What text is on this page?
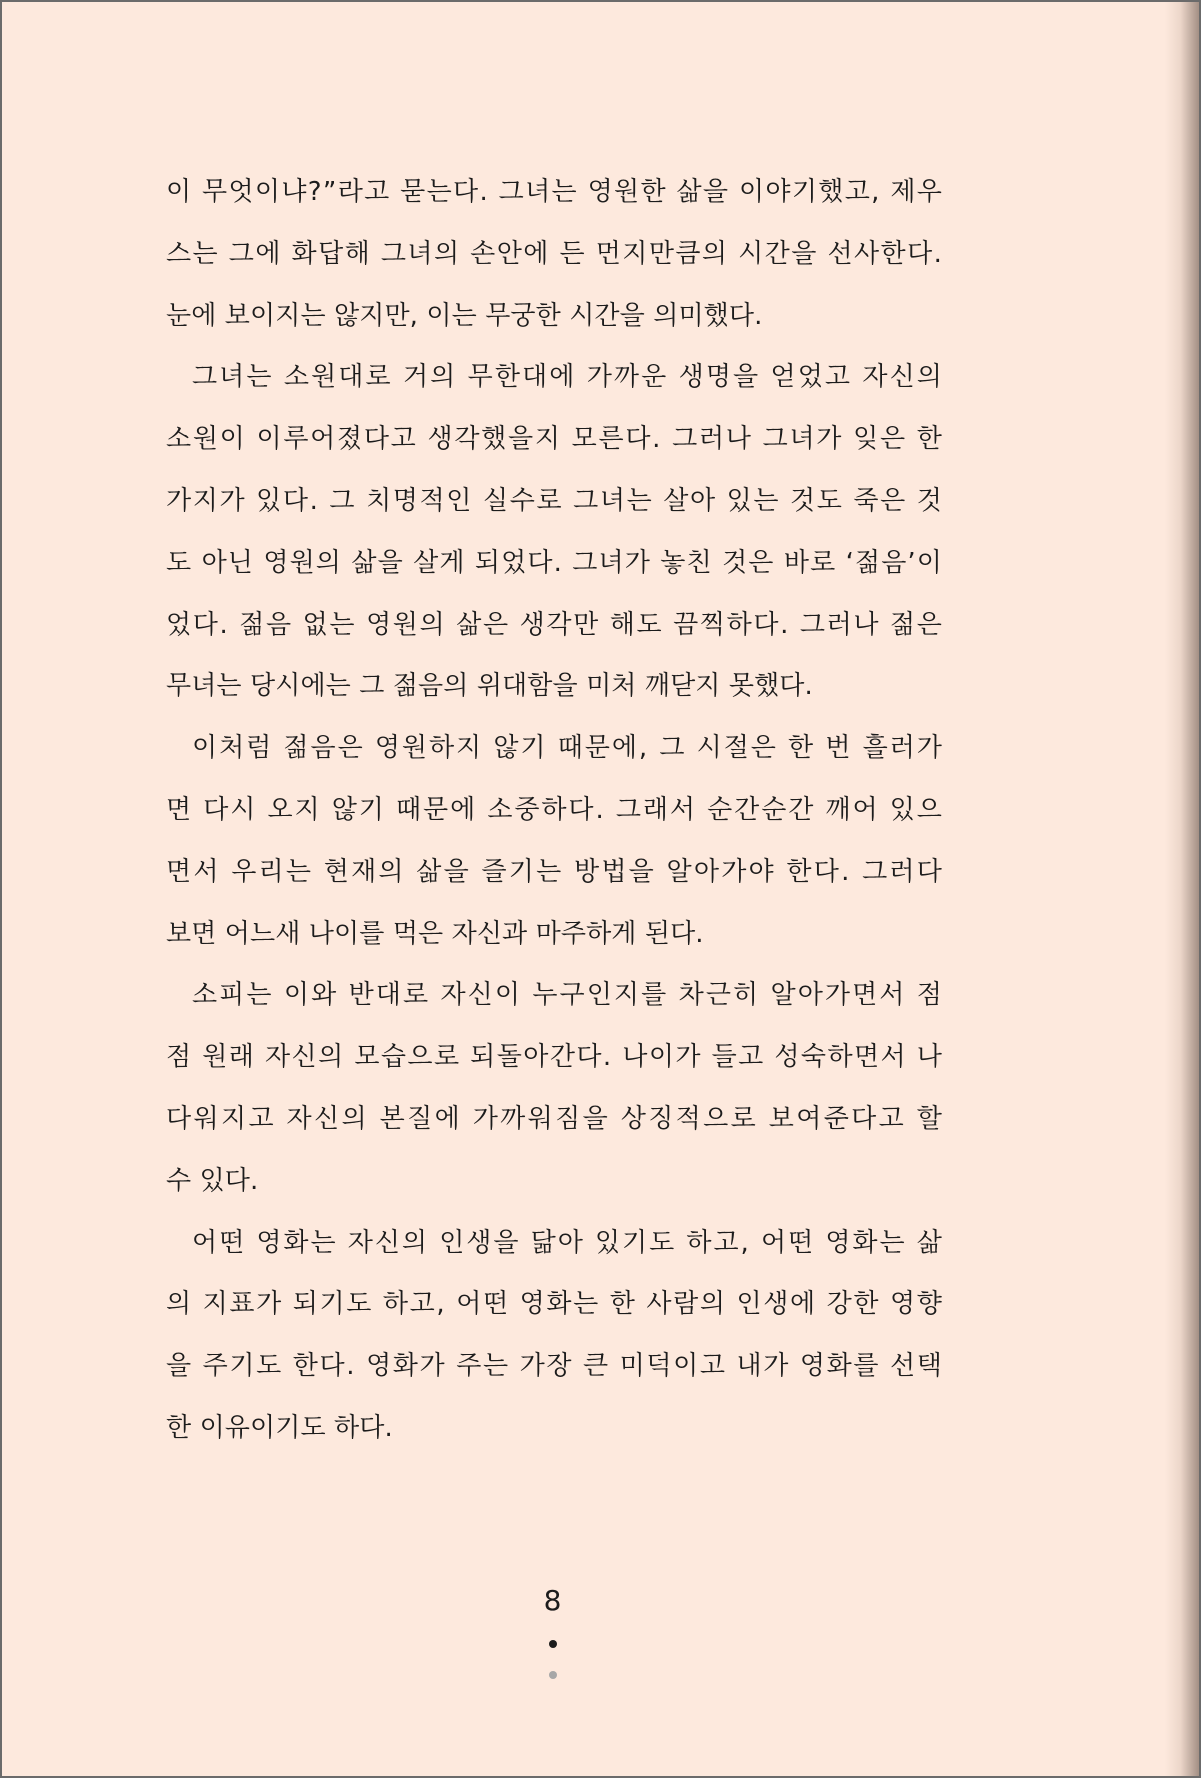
이 무엇이냐?”라고 묻는다. 그녀는 영원한 삶을 이야기했고, 제우
스는 그에 화답해 그녀의 손안에 든 먼지만큼의 시간을 선사한다.
눈에 보이지는 않지만, 이는 무궁한 시간을 의미했다.
그녀는 소원대로 거의 무한대에 가까운 생명을 얻었고 자신의
소원이 이루어졌다고 생각했을지 모른다. 그러나 그녀가 잊은 한
가지가 있다. 그 치명적인 실수로 그녀는 살아 있는 것도 죽은 것
도 아닌 영원의 삶을 살게 되었다. 그녀가 놓친 것은 바로 ‘젊음’이
었다. 젊음 없는 영원의 삶은 생각만 해도 끔찍하다. 그러나 젊은
무녀는 당시에는 그 젊음의 위대함을 미처 깨닫지 못했다.
이처럼 젊음은 영원하지 않기 때문에, 그 시절은 한 번 흘러가
면 다시 오지 않기 때문에 소중하다. 그래서 순간순간 깨어 있으
면서 우리는 현재의 삶을 즐기는 방법을 알아가야 한다. 그러다
보면 어느새 나이를 먹은 자신과 마주하게 된다.
소피는 이와 반대로 자신이 누구인지를 차근히 알아가면서 점
점 원래 자신의 모습으로 되돌아간다. 나이가 들고 성숙하면서 나
다워지고 자신의 본질에 가까워짐을 상징적으로 보여준다고 할
수 있다.
어떤 영화는 자신의 인생을 닮아 있기도 하고, 어떤 영화는 삶
의 지표가 되기도 하고, 어떤 영화는 한 사람의 인생에 강한 영향
을 주기도 한다. 영화가 주는 가장 큰 미덕이고 내가 영화를 선택
한 이유이기도 하다.
8
